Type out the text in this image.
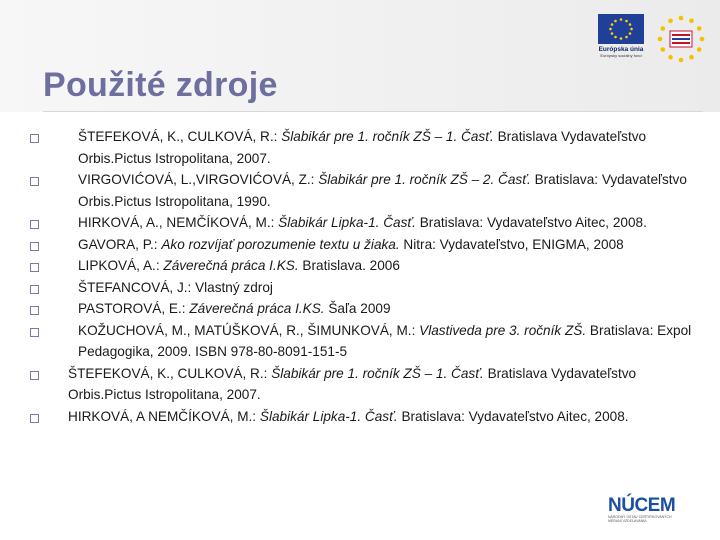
Európska únia
Európsky sociálny fond
Použité zdroje
ŠTEFEKOVÁ, K., CULKOVÁ, R.: Šlabikár pre 1. ročník ZŠ – 1. Časť. Bratislava Vydavateľstvo Orbis.Pictus Istropolitana, 2007.
VIRGOVIĆOVÁ, L.,VIRGOVIĆOVÁ, Z.: Šlabikár pre 1. ročník ZŠ – 2. Časť. Bratislava: Vydavateľstvo Orbis.Pictus Istropolitana, 1990.
HIRKOVÁ, A., NEMČÍKOVÁ, M.: Šlabikár Lipka-1. Časť. Bratislava: Vydavateľstvo Aitec, 2008.
GAVORA, P.: Ako rozvíjať porozumenie textu u žiaka. Nitra: Vydavateľstvo, ENIGMA, 2008
LIPKOVÁ, A.: Záverečná práca I.KS. Bratislava. 2006
ŠTEFANCOVÁ, J.: Vlastný zdroj
PASTOROVÁ, E.: Záverečná práca I.KS. Šaľa 2009
KOŽUCHOVÁ, M., MATÚŠKOVÁ, R., ŠIMUNKOVÁ, M.: Vlastiveda pre 3. ročník ZŠ. Bratislava: Expol Pedagogika, 2009. ISBN 978-80-8091-151-5
ŠTEFEKOVÁ, K., CULKOVÁ, R.: Šlabikár pre 1. ročník ZŠ – 1. Časť. Bratislava Vydavateľstvo Orbis.Pictus Istropolitana, 2007.
HIRKOVÁ, A NEMČÍKOVÁ, M.: Šlabikár Lipka-1. Časť. Bratislava: Vydavateľstvo Aitec, 2008.
NÚCEM
NÁRODNÝ ÚSTAV CERTIFIKOVANÝCH MERANÍ VZDELÁVANIA
